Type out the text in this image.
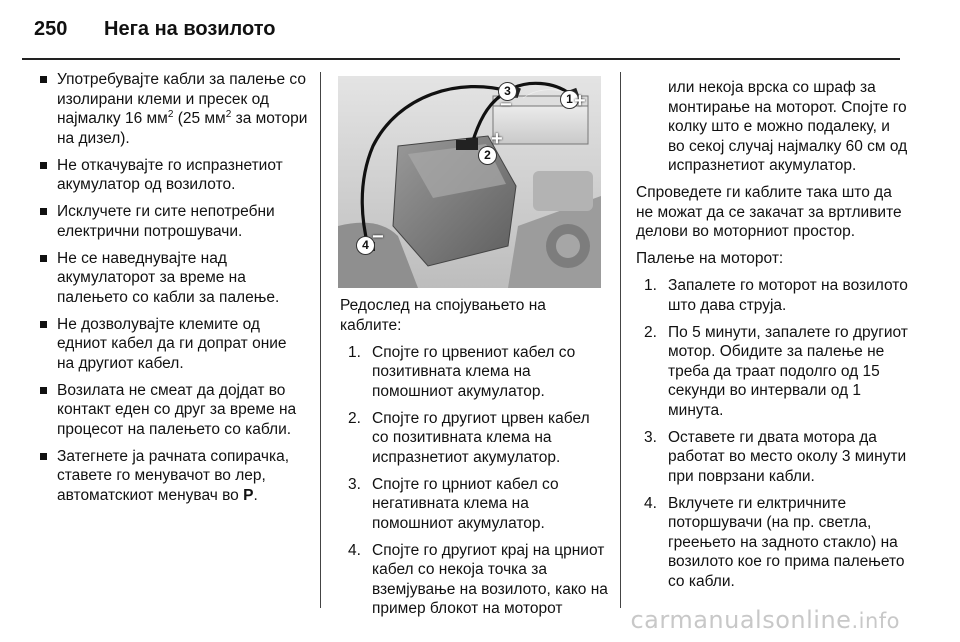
250	Нега на возилото
Употребувајте кабли за палење со изолирани клеми и пресек од најмалку 16 $мм^2$ (25 $мм^2$ за мотори на дизел).
Не откачувајте го испразнетиот акумулатор од возилото.
Исклучете ги сите непотребни електрични потрошувачи.
Не се наведнувајте над акумулаторот за време на палењето со кабли за палење.
Не дозволувајте клемите од едниот кабел да ги допрат оние на другиот кабел.
Возилата не смеат да дојдат во контакт еден со друг за време на процесот на палењето со кабли.
Затегнете ја рачната сопирачка, ставете го менувачот во лер, автоматскиот менувач во P.
1
2
3
4
+
+
−
−

Редослед на спојувањето на каблите:

1. Спојте го црвениот кабел со позитивната клема на помошниот акумулатор.
2. Спојте го другиот црвен кабел со позитивната клема на испразнетиот акумулатор.
3. Спојте го црниот кабел со негативната клема на помошниот акумулатор.
4. Спојте го другиот крај на црниот кабел со некоја точка за вземјување на возилото, како на пример блокот на моторот
или некоја врска со шраф за монтирање на моторот. Спојте го колку што е можно подалеку, и во секој случај најмалку 60 см од испразнетиот акумулатор.

Спроведете ги каблите така што да не можат да се закачат за вртливите делови во моторниот простор.

Палење на моторот:

1. Запалете го моторот на возилото што дава струја.
2. По 5 минути, запалете го другиот мотор. Обидите за палење не треба да траат подолго од 15 секунди во интервали од 1 минута.
3. Оставете ги двата мотора да работат во место околу 3 минути при поврзани кабли.
4. Вклучете ги елктричните поторшувачи (на пр. светла, греењето на задното стакло) на возилото кое го прима палењето со кабли.
carmanualsonline.info
